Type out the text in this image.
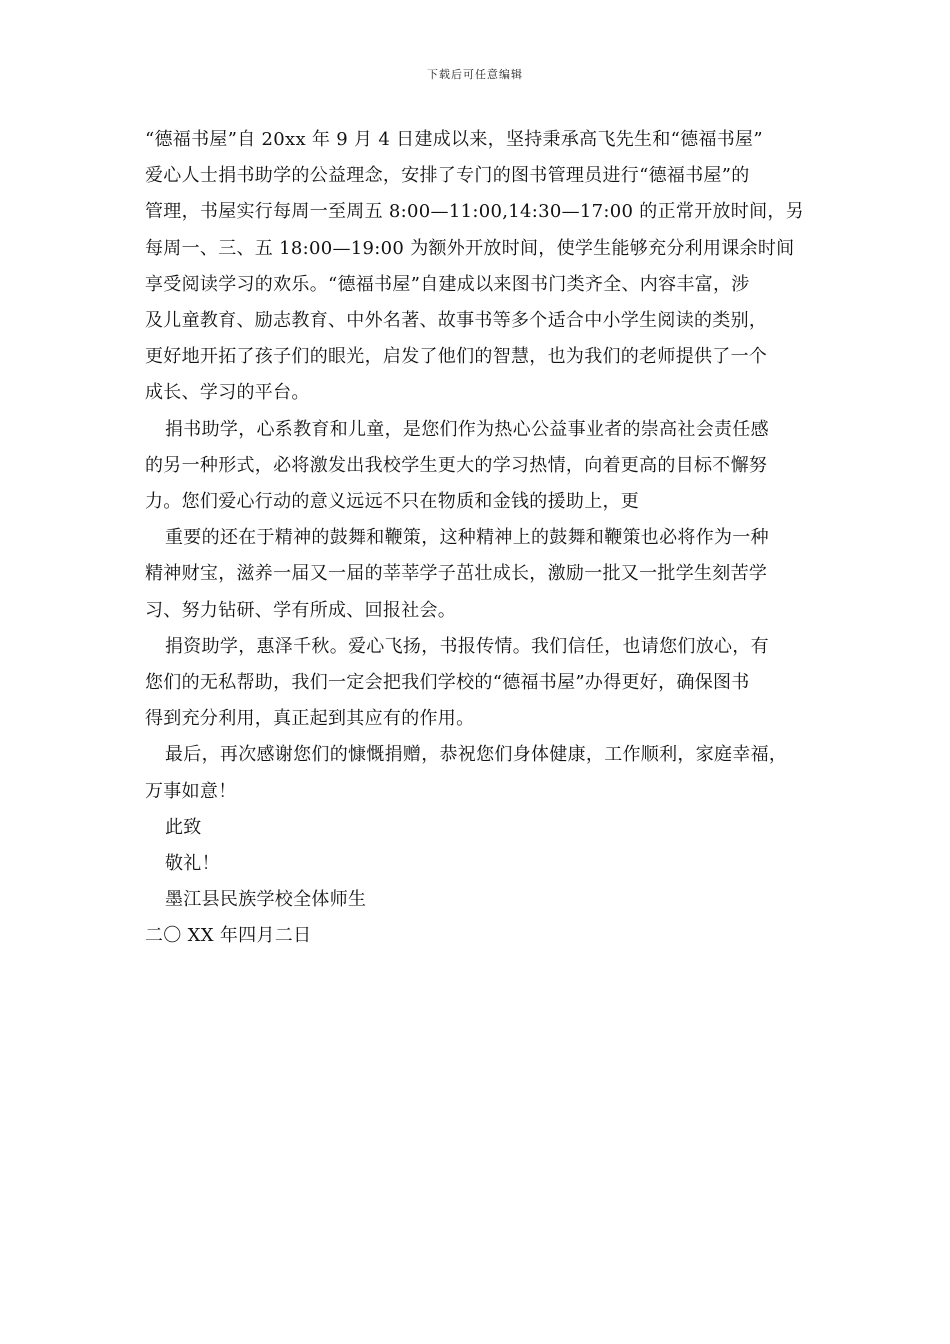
下载后可任意编辑
“德福书屋”自 20xx 年 9 月 4 日建成以来，坚持秉承高飞先生和“德福书屋”
爱心人士捐书助学的公益理念，安排了专门的图书管理员进行“德福书屋”的
管理，书屋实行每周一至周五 8:00—11:00,14:30—17:00 的正常开放时间，另
每周一、三、五 18:00—19:00 为额外开放时间，使学生能够充分利用课余时间
享受阅读学习的欢乐。“德福书屋”自建成以来图书门类齐全、内容丰富，涉
及儿童教育、励志教育、中外名著、故事书等多个适合中小学生阅读的类别，
更好地开拓了孩子们的眼光，启发了他们的智慧，也为我们的老师提供了一个
成长、学习的平台。
捐书助学，心系教育和儿童，是您们作为热心公益事业者的崇高社会责任感
的另一种形式，必将激发出我校学生更大的学习热情，向着更高的目标不懈努
力。您们爱心行动的意义远远不只在物质和金钱的援助上，更
重要的还在于精神的鼓舞和鞭策，这种精神上的鼓舞和鞭策也必将作为一种
精神财宝，滋养一届又一届的莘莘学子茁壮成长，激励一批又一批学生刻苦学
习、努力钻研、学有所成、回报社会。
捐资助学，惠泽千秋。爱心飞扬，书报传情。我们信任，也请您们放心，有
您们的无私帮助，我们一定会把我们学校的“德福书屋”办得更好，确保图书
得到充分利用，真正起到其应有的作用。
最后，再次感谢您们的慷慨捐赠，恭祝您们身体健康，工作顺利，家庭幸福，
万事如意！
此致
敬礼！
墨江县民族学校全体师生
二〇 XX 年四月二日
